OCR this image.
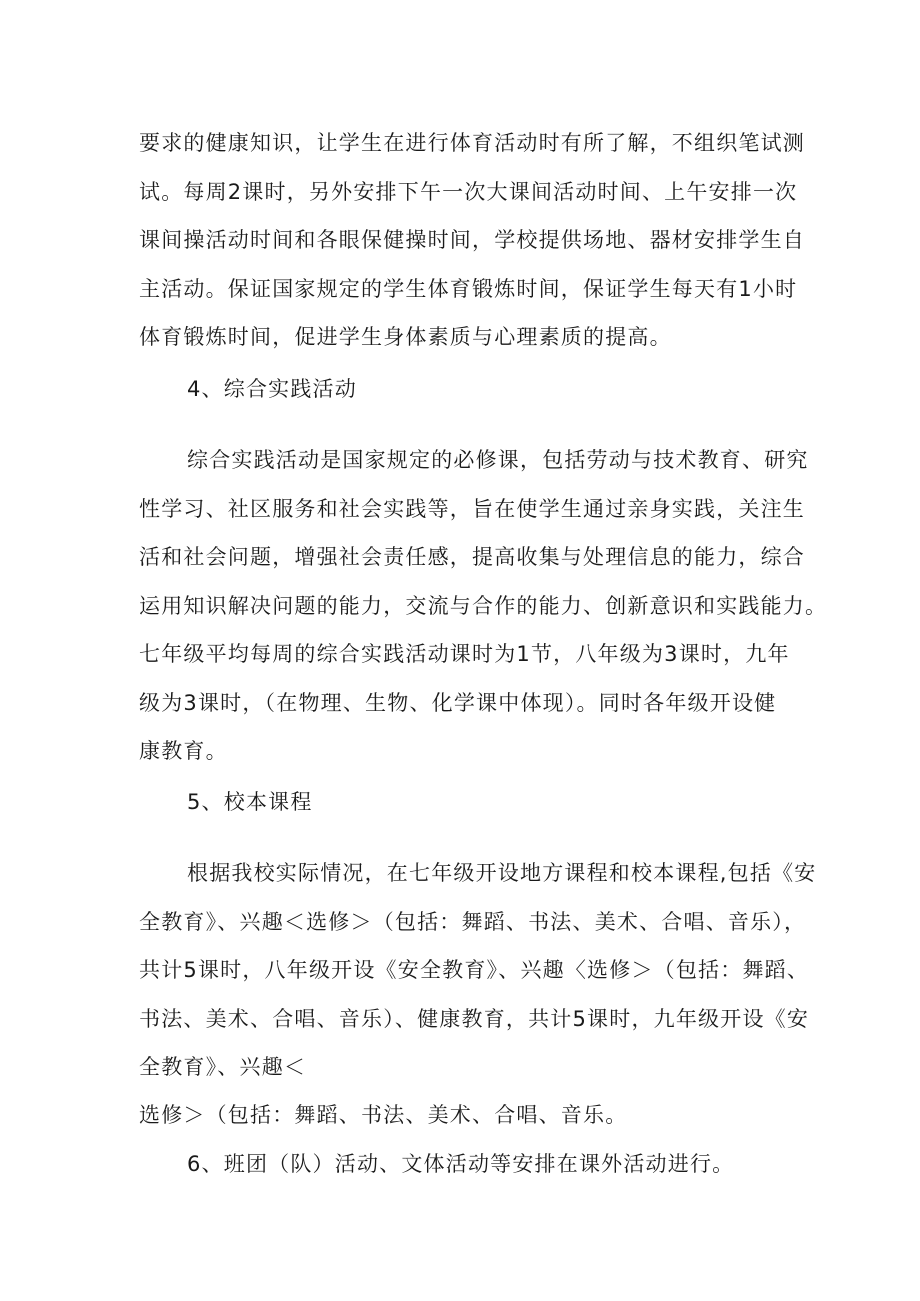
要求的健康知识，让学生在进行体育活动时有所了解，不组织笔试测
试。每周2课时，另外安排下午一次大课间活动时间、上午安排一次
课间操活动时间和各眼保健操时间，学校提供场地、器材安排学生自
主活动。保证国家规定的学生体育锻炼时间，保证学生每天有1小时
体育锻炼时间，促进学生身体素质与心理素质的提高。
4、综合实践活动
综合实践活动是国家规定的必修课，包括劳动与技术教育、研究
性学习、社区服务和社会实践等，旨在使学生通过亲身实践，关注生
活和社会问题，增强社会责任感，提高收集与处理信息的能力，综合
运用知识解决问题的能力，交流与合作的能力、创新意识和实践能力。
七年级平均每周的综合实践活动课时为1节，八年级为3课时，九年
级为3课时，（在物理、生物、化学课中体现）。同时各年级开设健
康教育。
5、校本课程
根据我校实际情况，在七年级开设地方课程和校本课程,包括《安
全教育》、兴趣＜选修＞（包括：舞蹈、书法、美术、合唱、音乐），
共计5课时，八年级开设《安全教育》、兴趣〈选修＞（包括：舞蹈、
书法、美术、合唱、音乐）、健康教育，共计5课时，九年级开设《安
全教育》、兴趣＜
选修＞（包括：舞蹈、书法、美术、合唱、音乐。
6、班团（队）活动、文体活动等安排在课外活动进行。
